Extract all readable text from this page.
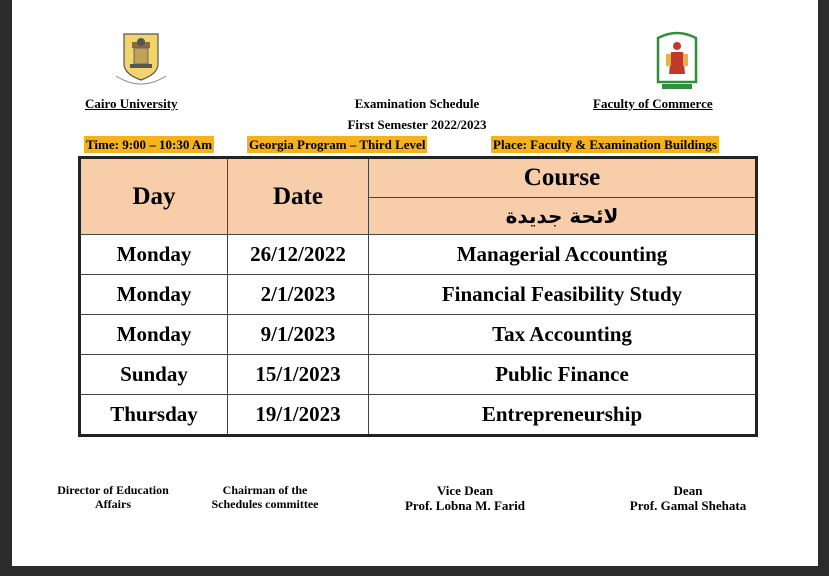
Cairo University	Faculty of Commerce
Examination Schedule
First Semester 2022/2023
Time: 9:00 – 10:30 Am	Georgia Program – Third Level	Place: Faculty & Examination Buildings
Day	Date	Course
		لائحة جديدة
Monday	26/12/2022	Managerial Accounting
Monday	2/1/2023	Financial Feasibility Study
Monday	9/1/2023	Tax Accounting
Sunday	15/1/2023	Public Finance
Thursday	19/1/2023	Entrepreneurship
Director of Education
Affairs
Chairman of the
Schedules committee
Vice Dean
Prof. Lobna M. Farid
Dean
Prof. Gamal Shehata
